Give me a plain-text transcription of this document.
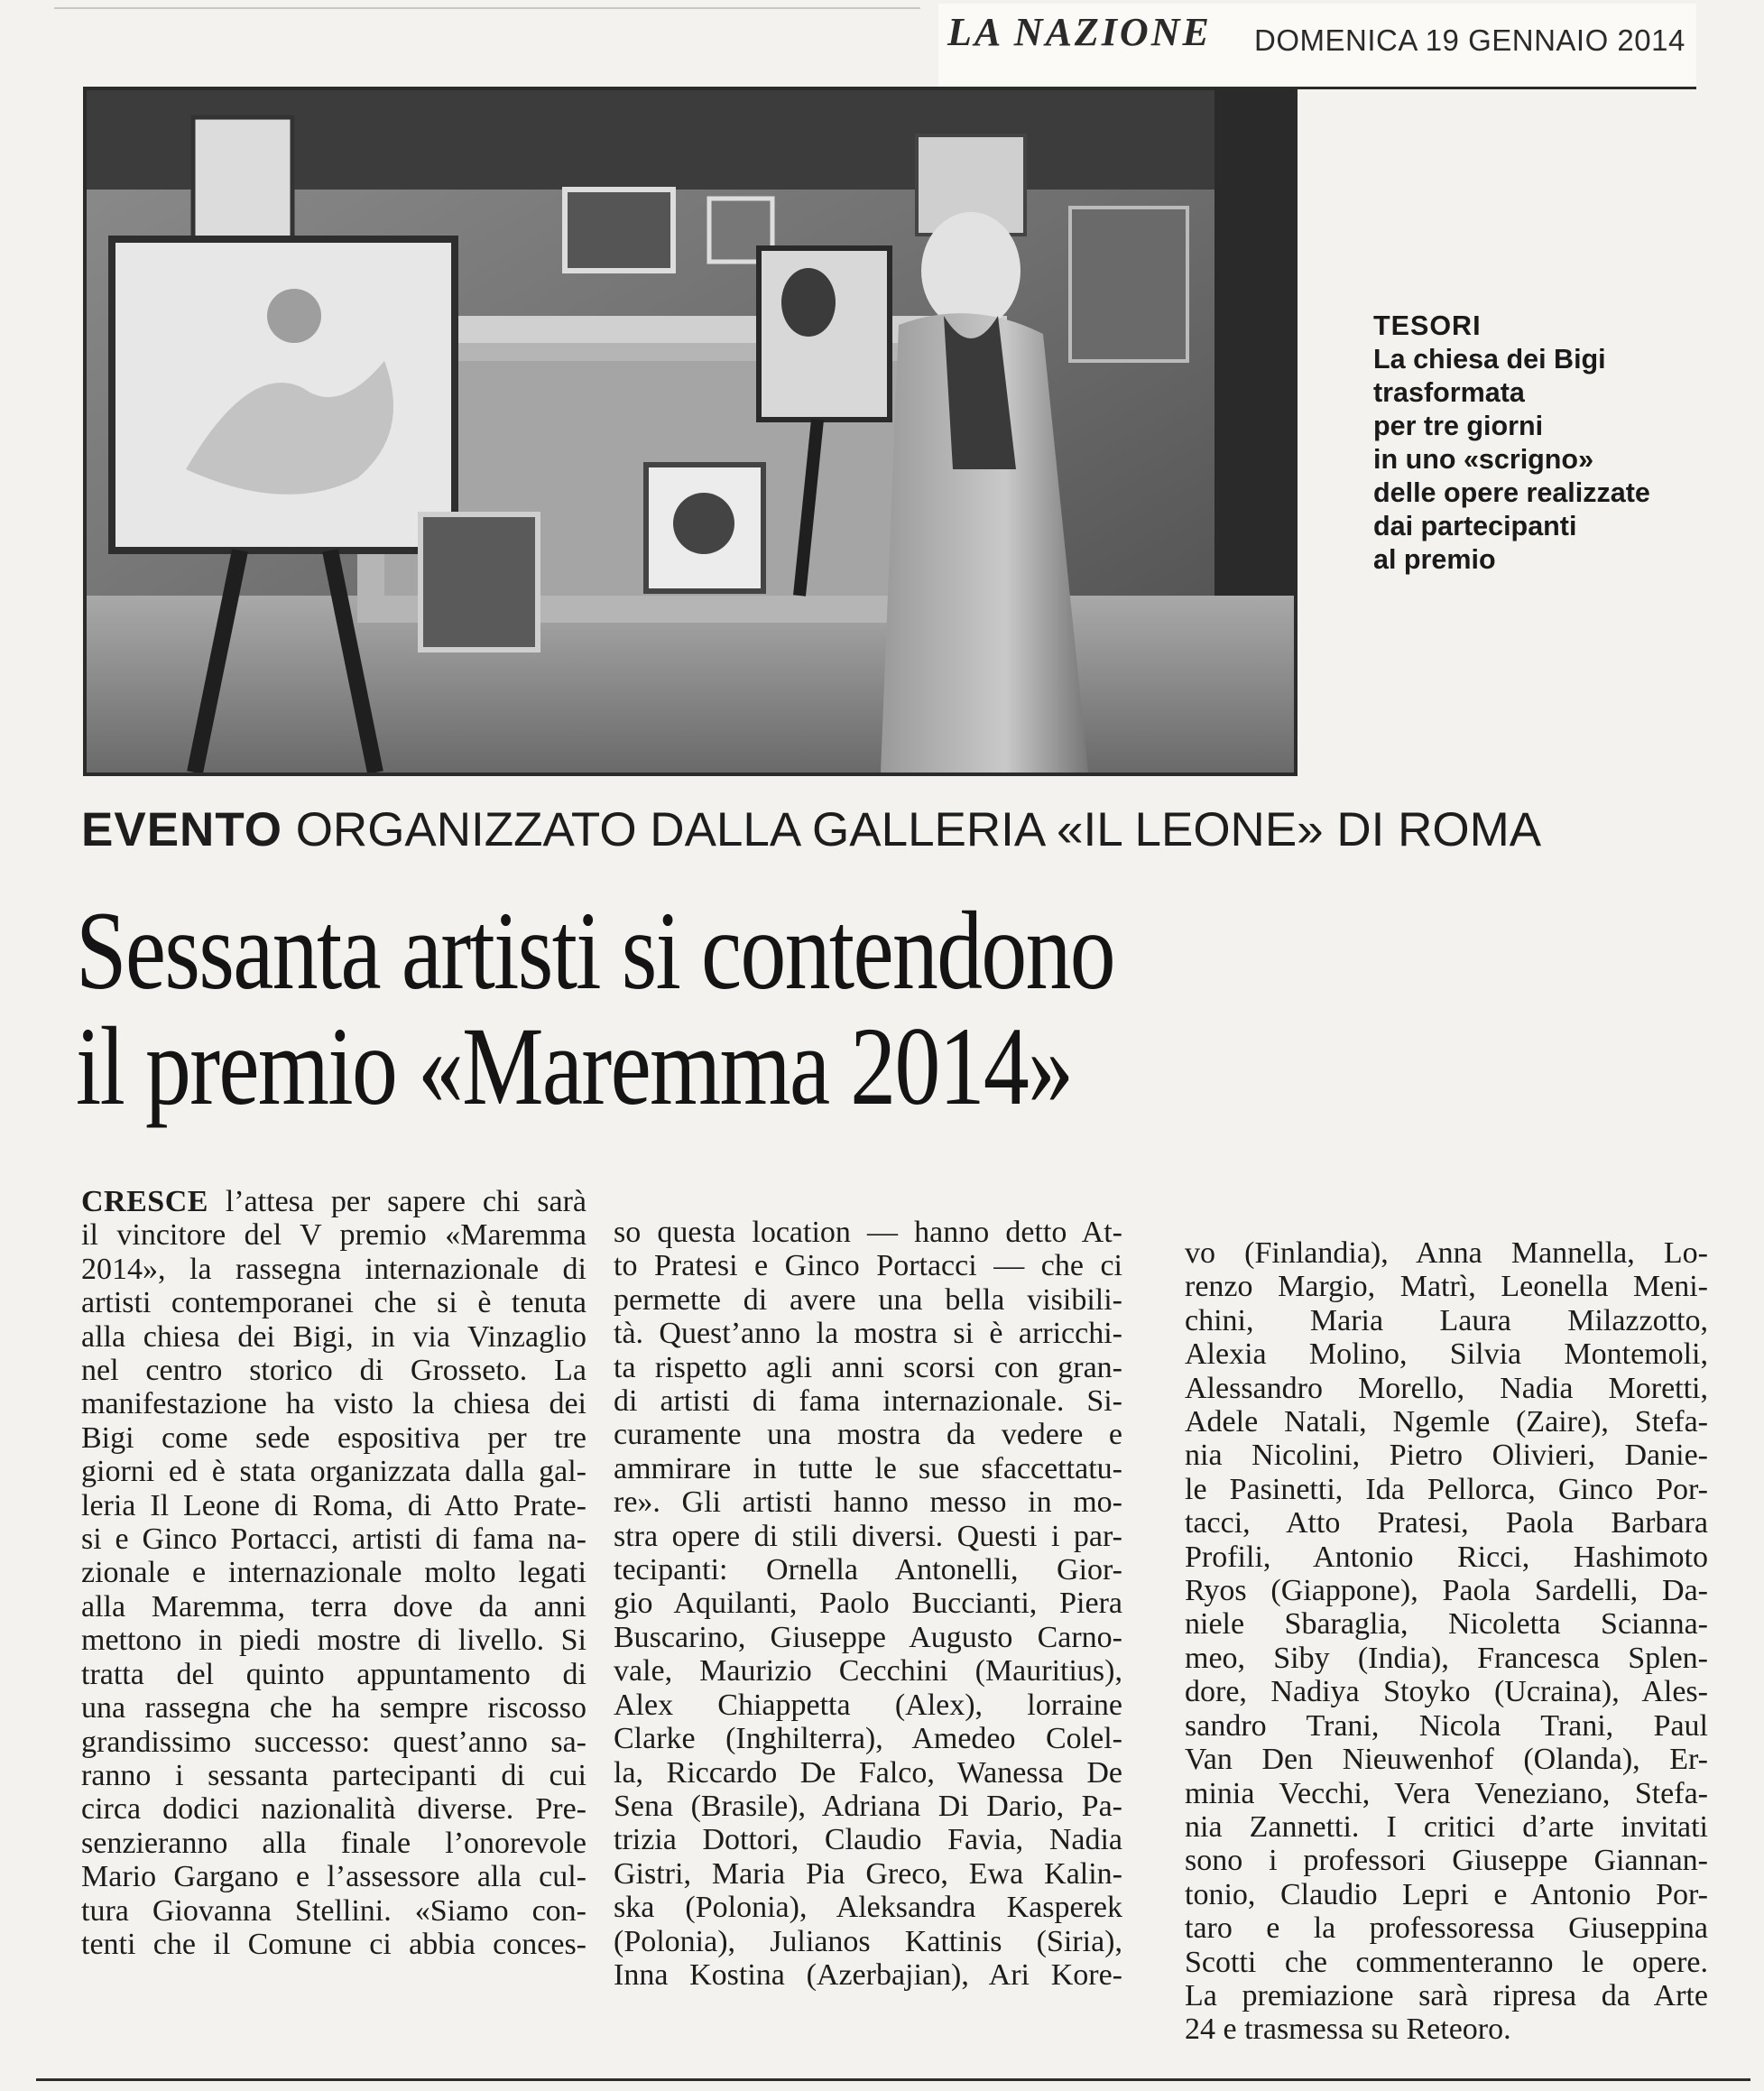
LA NAZIONE DOMENICA 19 GENNAIO 2014
TESORI
La chiesa dei Bigi
trasformata
per tre giorni
in uno «scrigno»
delle opere realizzate
dai partecipanti
al premio
EVENTO ORGANIZZATO DALLA GALLERIA «IL LEONE» DI ROMA
Sessanta artisti si contendono
il premio «Maremma 2014»
CRESCE l’attesa per sapere chi sarà
il vincitore del V premio «Maremma
2014», la rassegna internazionale di
artisti contemporanei che si è tenuta
alla chiesa dei Bigi, in via Vinzaglio
nel centro storico di Grosseto. La
manifestazione ha visto la chiesa dei
Bigi come sede espositiva per tre
giorni ed è stata organizzata dalla gal-
leria Il Leone di Roma, di Atto Prate-
si e Ginco Portacci, artisti di fama na-
zionale e internazionale molto legati
alla Maremma, terra dove da anni
mettono in piedi mostre di livello. Si
tratta del quinto appuntamento di
una rassegna che ha sempre riscosso
grandissimo successo: quest’anno sa-
ranno i sessanta partecipanti di cui
circa dodici nazionalità diverse. Pre-
senzieranno alla finale l’onorevole
Mario Gargano e l’assessore alla cul-
tura Giovanna Stellini. «Siamo con-
tenti che il Comune ci abbia conces-
so questa location — hanno detto At-
to Pratesi e Ginco Portacci — che ci
permette di avere una bella visibili-
tà. Quest’anno la mostra si è arricchi-
ta rispetto agli anni scorsi con gran-
di artisti di fama internazionale. Si-
curamente una mostra da vedere e
ammirare in tutte le sue sfaccettatu-
re». Gli artisti hanno messo in mo-
stra opere di stili diversi. Questi i par-
tecipanti: Ornella Antonelli, Gior-
gio Aquilanti, Paolo Buccianti, Piera
Buscarino, Giuseppe Augusto Carno-
vale, Maurizio Cecchini (Mauritius),
Alex Chiappetta (Alex), lorraine
Clarke (Inghilterra), Amedeo Colel-
la, Riccardo De Falco, Wanessa De
Sena (Brasile), Adriana Di Dario, Pa-
trizia Dottori, Claudio Favia, Nadia
Gistri, Maria Pia Greco, Ewa Kalin-
ska (Polonia), Aleksandra Kasperek
(Polonia), Julianos Kattinis (Siria),
Inna Kostina (Azerbajian), Ari Kore-
vo (Finlandia), Anna Mannella, Lo-
renzo Margio, Matrì, Leonella Meni-
chini, Maria Laura Milazzotto,
Alexia Molino, Silvia Montemoli,
Alessandro Morello, Nadia Moretti,
Adele Natali, Ngemle (Zaire), Stefa-
nia Nicolini, Pietro Olivieri, Danie-
le Pasinetti, Ida Pellorca, Ginco Por-
tacci, Atto Pratesi, Paola Barbara
Profili, Antonio Ricci, Hashimoto
Ryos (Giappone), Paola Sardelli, Da-
niele Sbaraglia, Nicoletta Scianna-
meo, Siby (India), Francesca Splen-
dore, Nadiya Stoyko (Ucraina), Ales-
sandro Trani, Nicola Trani, Paul
Van Den Nieuwenhof (Olanda), Er-
minia Vecchi, Vera Veneziano, Stefa-
nia Zannetti. I critici d’arte invitati
sono i professori Giuseppe Giannan-
tonio, Claudio Lepri e Antonio Por-
taro e la professoressa Giuseppina
Scotti che commenteranno le opere.
La premiazione sarà ripresa da Arte
24 e trasmessa su Reteoro.
